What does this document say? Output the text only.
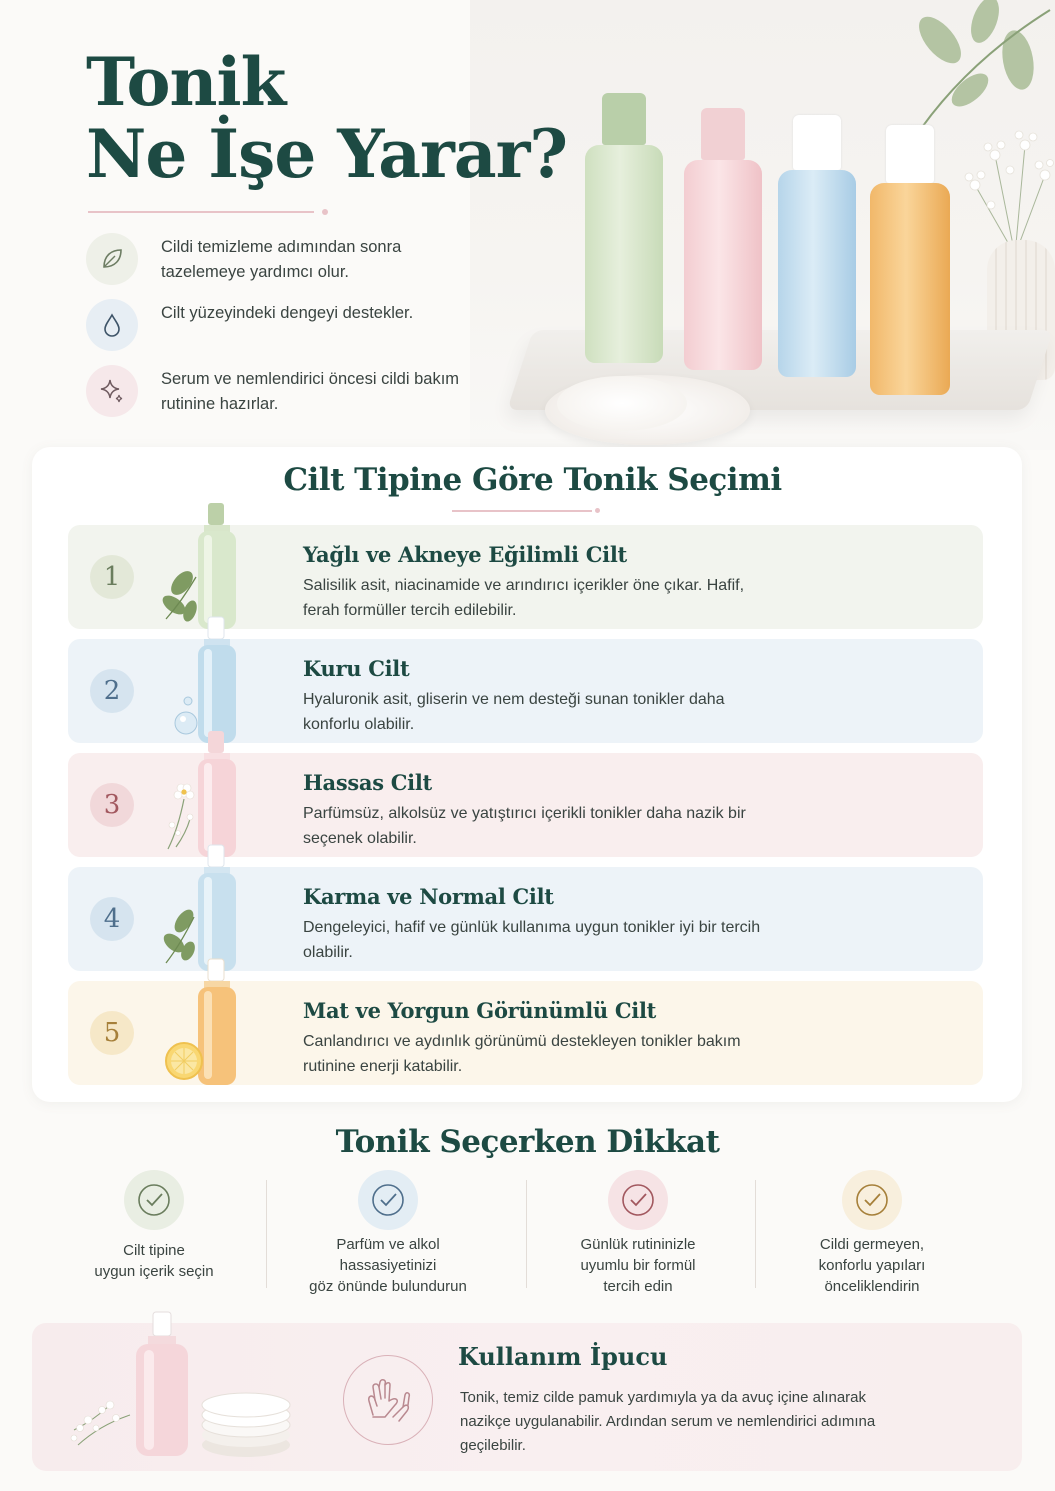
Tonik
Ne İşe Yarar?
Cildi temizleme adımından sonra tazelemeye yardımcı olur.
Cilt yüzeyindeki dengeyi destekler.
Serum ve nemlendirici öncesi cildi bakım rutinine hazırlar.
Cilt Tipine Göre Tonik Seçimi
1
Yağlı ve Akneye Eğilimli Cilt
Salisilik asit, niacinamide ve arındırıcı içerikler öne çıkar. Hafif, ferah formüller tercih edilebilir.
2
Kuru Cilt
Hyaluronik asit, gliserin ve nem desteği sunan tonikler daha konforlu olabilir.
3
Hassas Cilt
Parfümsüz, alkolsüz ve yatıştırıcı içerikli tonikler daha nazik bir seçenek olabilir.
4
Karma ve Normal Cilt
Dengeleyici, hafif ve günlük kullanıma uygun tonikler iyi bir tercih olabilir.
5
Mat ve Yorgun Görünümlü Cilt
Canlandırıcı ve aydınlık görünümü destekleyen tonikler bakım rutinine enerji katabilir.
Tonik Seçerken Dikkat
Cilt tipine
uygun içerik seçin
Parfüm ve alkol
hassasiyetinizi
göz önünde bulundurun
Günlük rutininizle
uyumlu bir formül
tercih edin
Cildi germeyen,
konforlu yapıları
önceliklendirin
Kullanım İpucu
Tonik, temiz cilde pamuk yardımıyla ya da avuç içine alınarak nazikçe uygulanabilir. Ardından serum ve nemlendirici adımına geçilebilir.
